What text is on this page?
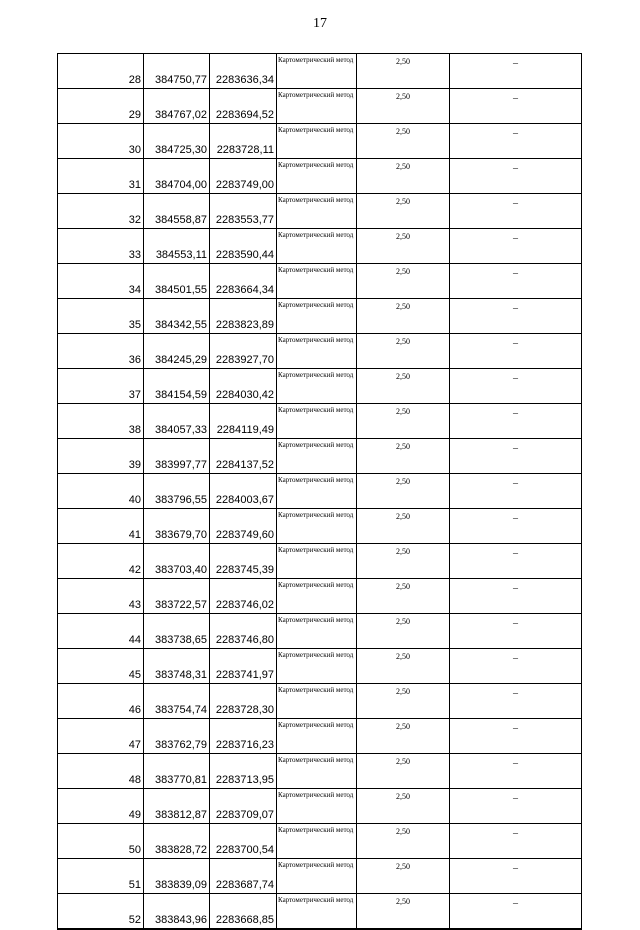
17
28	384750,77	2283636,34	Картометрический метод	2,50	–
29	384767,02	2283694,52	Картометрический метод	2,50	–
30	384725,30	2283728,11	Картометрический метод	2,50	–
31	384704,00	2283749,00	Картометрический метод	2,50	–
32	384558,87	2283553,77	Картометрический метод	2,50	–
33	384553,11	2283590,44	Картометрический метод	2,50	–
34	384501,55	2283664,34	Картометрический метод	2,50	–
35	384342,55	2283823,89	Картометрический метод	2,50	–
36	384245,29	2283927,70	Картометрический метод	2,50	–
37	384154,59	2284030,42	Картометрический метод	2,50	–
38	384057,33	2284119,49	Картометрический метод	2,50	–
39	383997,77	2284137,52	Картометрический метод	2,50	–
40	383796,55	2284003,67	Картометрический метод	2,50	–
41	383679,70	2283749,60	Картометрический метод	2,50	–
42	383703,40	2283745,39	Картометрический метод	2,50	–
43	383722,57	2283746,02	Картометрический метод	2,50	–
44	383738,65	2283746,80	Картометрический метод	2,50	–
45	383748,31	2283741,97	Картометрический метод	2,50	–
46	383754,74	2283728,30	Картометрический метод	2,50	–
47	383762,79	2283716,23	Картометрический метод	2,50	–
48	383770,81	2283713,95	Картометрический метод	2,50	–
49	383812,87	2283709,07	Картометрический метод	2,50	–
50	383828,72	2283700,54	Картометрический метод	2,50	–
51	383839,09	2283687,74	Картометрический метод	2,50	–
52	383843,96	2283668,85	Картометрический метод	2,50	–
